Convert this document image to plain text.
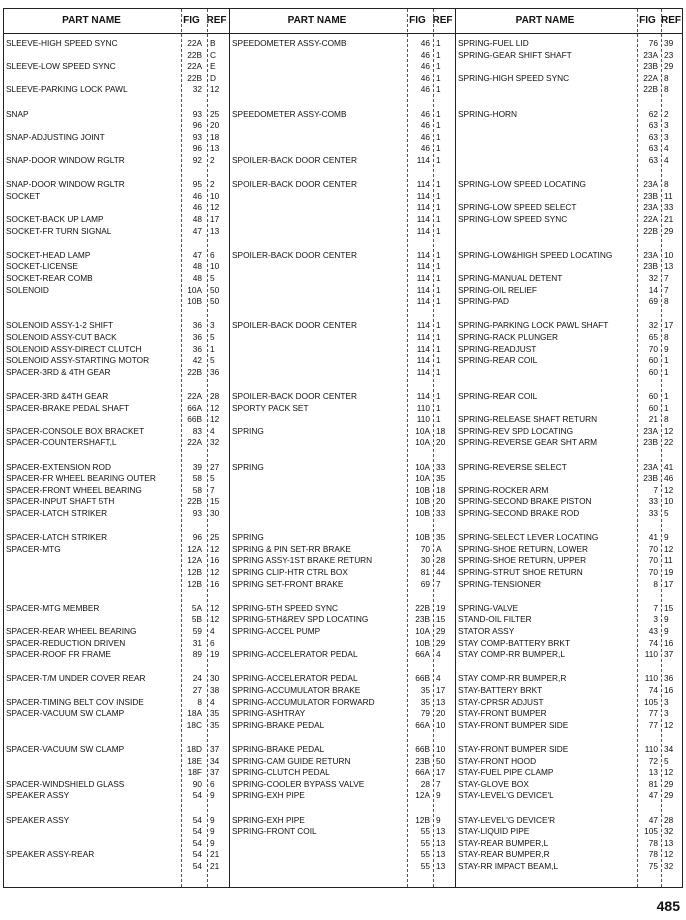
PART NAME	FIG REF	PART NAME	FIG REF	PART NAME	FIG REF
SLEEVE-HIGH SPEED SYNC	22A B
22B C
SLEEVE-LOW SPEED SYNC	22A E
22B D
SLEEVE-PARKING LOCK PAWL	32 12
SNAP	93 25
96 20
SNAP-ADJUSTING JOINT	93 18
96 13
SNAP-DOOR WINDOW RGLTR	92 2
SNAP-DOOR WINDOW RGLTR	95 2
SOCKET	46 10
46 12
SOCKET-BACK UP LAMP	48 17
SOCKET-FR TURN SIGNAL	47 13
SOCKET-HEAD LAMP	47 6
SOCKET-LICENSE	48 10
SOCKET-REAR COMB	48 5
SOLENOID	10A 50
10B 50
SOLENOID ASSY-1-2 SHIFT	36 3
SOLENOID ASSY-CUT BACK	36 5
SOLENOID ASSY-DIRECT CLUTCH	36 1
SOLENOID ASSY-STARTING MOTOR	42 5
SPACER-3RD & 4TH GEAR	22B 36
SPACER-3RD &4TH GEAR	22A 28
SPACER-BRAKE PEDAL SHAFT	66A 12
66B 12
SPACER-CONSOLE BOX BRACKET	83 4
SPACER-COUNTERSHAFT,L	22A 32
SPACER-EXTENSION ROD	39 27
SPACER-FR WHEEL BEARING OUTER	58 5
SPACER-FRONT WHEEL BEARING	58 7
SPACER-INPUT SHAFT 5TH	22B 15
SPACER-LATCH STRIKER	93 30
SPACER-LATCH STRIKER	96 25
SPACER-MTG	12A 12
12A 16
12B 12
12B 16
SPACER-MTG MEMBER	5A 12
5B 12
SPACER-REAR WHEEL BEARING	59 4
SPACER-REDUCTION DRIVEN	31 6
SPACER-ROOF FR FRAME	89 19
SPACER-T/M UNDER COVER REAR	24 30
27 38
SPACER-TIMING BELT COV INSIDE	8 4
SPACER-VACUUM SW CLAMP	18A 35
18C 35
SPACER-VACUUM SW CLAMP	18D 37
18E 34
18F 37
SPACER-WINDSHIELD GLASS	90 6
SPEAKER ASSY	54 9
SPEAKER ASSY	54 9
54 9
54 9
SPEAKER ASSY-REAR	54 21
54 21
SPEEDOMETER ASSY-COMB	46 1
46 1
46 1
46 1
46 1
SPEEDOMETER ASSY-COMB	46 1
46 1
46 1
46 1
SPOILER-BACK DOOR CENTER	114 1
SPOILER-BACK DOOR CENTER	114 1
114 1
114 1
114 1
114 1
SPOILER-BACK DOOR CENTER	114 1
114 1
114 1
114 1
114 1
SPOILER-BACK DOOR CENTER	114 1
114 1
114 1
114 1
114 1
SPOILER-BACK DOOR CENTER	114 1
SPORTY PACK SET	110 1
110 1
SPRING	10A 18
10A 20
SPRING	10A 33
10A 35
10B 18
10B 20
10B 33
SPRING	10B 35
SPRING & PIN SET-RR BRAKE	70 A
SPRING ASSY-1ST BRAKE RETURN	30 28
SPRING CLIP-HTR CTRL BOX	81 44
SPRING SET-FRONT BRAKE	69 7
SPRING-5TH SPEED SYNC	22B 19
SPRING-5TH&REV SPD LOCATING	23B 15
SPRING-ACCEL PUMP	10A 29
10B 29
SPRING-ACCELERATOR PEDAL	66A 4
SPRING-ACCELERATOR PEDAL	66B 4
SPRING-ACCUMULATOR BRAKE	35 17
SPRING-ACCUMULATOR FORWARD	35 13
SPRING-ASHTRAY	79 20
SPRING-BRAKE PEDAL	66A 10
SPRING-BRAKE PEDAL	66B 10
SPRING-CAM GUIDE RETURN	23B 50
SPRING-CLUTCH PEDAL	66A 17
SPRING-COOLER BYPASS VALVE	28 7
SPRING-EXH PIPE	12A 9
SPRING-EXH PIPE	12B 9
SPRING-FRONT COIL	55 13
55 13
55 13
55 13
SPRING-FUEL LID	76 39
SPRING-GEAR SHIFT SHAFT	23A 23
23B 29
SPRING-HIGH SPEED SYNC	22A 8
22B 8
SPRING-HORN	62 2
63 3
63 3
63 4
63 4
SPRING-LOW SPEED LOCATING	23A 8
23B 11
SPRING-LOW SPEED SELECT	23A 33
SPRING-LOW SPEED SYNC	22A 21
22B 29
SPRING-LOW&HIGH SPEED LOCATING	23A 10
23B 13
SPRING-MANUAL DETENT	32 7
SPRING-OIL RELIEF	14 7
SPRING-PAD	69 8
SPRING-PARKING LOCK PAWL SHAFT	32 17
SPRING-RACK PLUNGER	65 8
SPRING-READJUST	70 9
SPRING-REAR COIL	60 1
60 1
SPRING-REAR COIL	60 1
60 1
SPRING-RELEASE SHAFT RETURN	21 8
SPRING-REV SPD LOCATING	23A 12
SPRING-REVERSE GEAR SHT ARM	23B 22
SPRING-REVERSE SELECT	23A 41
23B 46
SPRING-ROCKER ARM	7 12
SPRING-SECOND BRAKE PISTON	33 10
SPRING-SECOND BRAKE ROD	33 5
SPRING-SELECT LEVER LOCATING	41 9
SPRING-SHOE RETURN, LOWER	70 12
SPRING-SHOE RETURN, UPPER	70 11
SPRING-STRUT SHOE RETURN	70 19
SPRING-TENSIONER	8 17
SPRING-VALVE	7 15
STAND-OIL FILTER	3 9
STATOR ASSY	43 9
STAY COMP-BATTERY BRKT	74 16
STAY COMP-RR BUMPER,L	110 37
STAY COMP-RR BUMPER,R	110 36
STAY-BATTERY BRKT	74 16
STAY-CPRSR ADJUST	105 3
STAY-FRONT BUMPER	77 3
STAY-FRONT BUMPER SIDE	77 12
STAY-FRONT BUMPER SIDE	110 34
STAY-FRONT HOOD	72 5
STAY-FUEL PIPE CLAMP	13 12
STAY-GLOVE BOX	81 29
STAY-LEVEL'G DEVICE'L	47 29
STAY-LEVEL'G DEVICE'R	47 28
STAY-LIQUID PIPE	105 32
STAY-REAR BUMPER,L	78 13
STAY-REAR BUMPER,R	78 12
STAY-RR IMPACT BEAM,L	75 32
485
